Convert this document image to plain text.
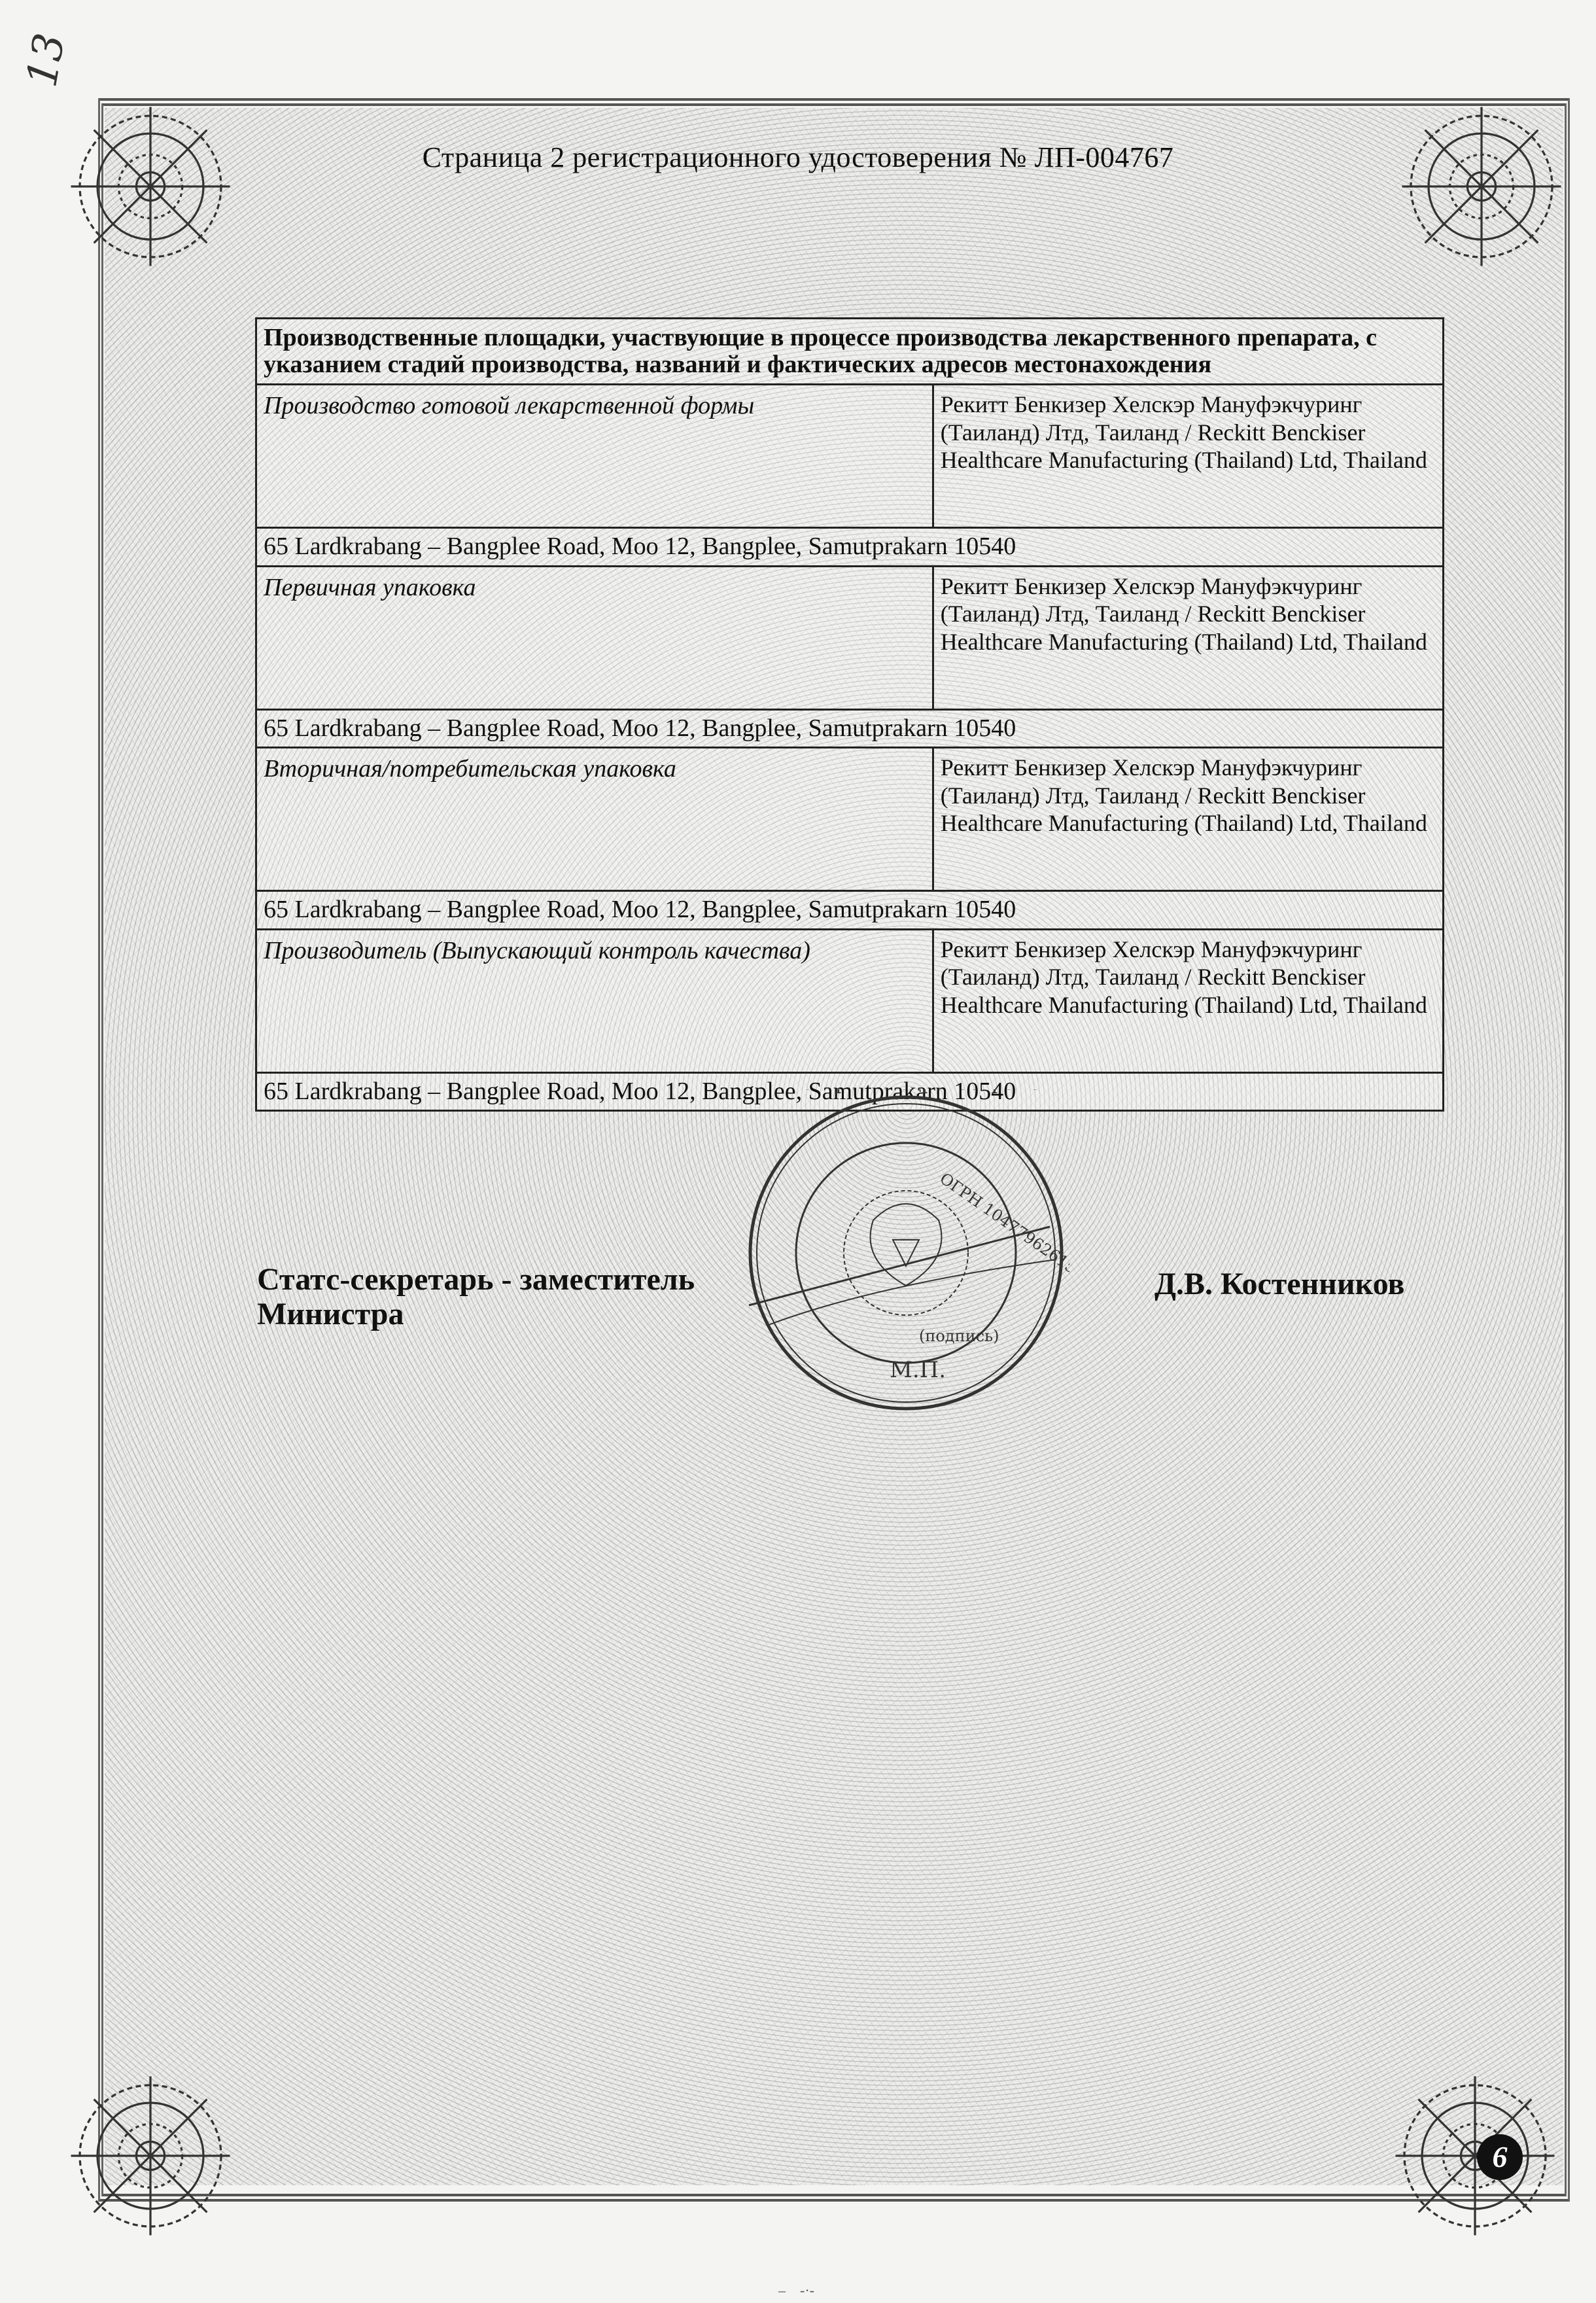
13
Страница 2 регистрационного удостоверения № ЛП-004767
Производственные площадки, участвующие в процессе производства лекарственного препарата, с указанием стадий производства, названий и фактических адресов местонахождения	
Производство готовой лекарственной формы	Рекитт Бенкизер Хелскэр Мануфэкчуринг (Таиланд) Лтд, Таиланд / Reckitt Benckiser Healthcare Manufacturing (Thailand) Ltd, Thailand
65 Lardkrabang – Bangplee Road, Moo 12, Bangplee, Samutprakarn 10540	
Первичная упаковка	Рекитт Бенкизер Хелскэр Мануфэкчуринг (Таиланд) Лтд, Таиланд / Reckitt Benckiser Healthcare Manufacturing (Thailand) Ltd, Thailand
65 Lardkrabang – Bangplee Road, Moo 12, Bangplee, Samutprakarn 10540	
Вторичная/потребительская упаковка	Рекитт Бенкизер Хелскэр Мануфэкчуринг (Таиланд) Лтд, Таиланд / Reckitt Benckiser Healthcare Manufacturing (Thailand) Ltd, Thailand
65 Lardkrabang – Bangplee Road, Moo 12, Bangplee, Samutprakarn 10540	
Производитель (Выпускающий контроль качества)	Рекитт Бенкизер Хелскэр Мануфэкчуринг (Таиланд) Лтд, Таиланд / Reckitt Benckiser Healthcare Manufacturing (Thailand) Ltd, Thailand
65 Lardkrabang – Bangplee Road, Moo 12, Bangplee, Samutprakarn 10540	
Статс-секретарь - заместитель
Министра
Д.В. Костенников
ОГРН 1047796261512
(подпись)
М.П.
6
–    -·-
